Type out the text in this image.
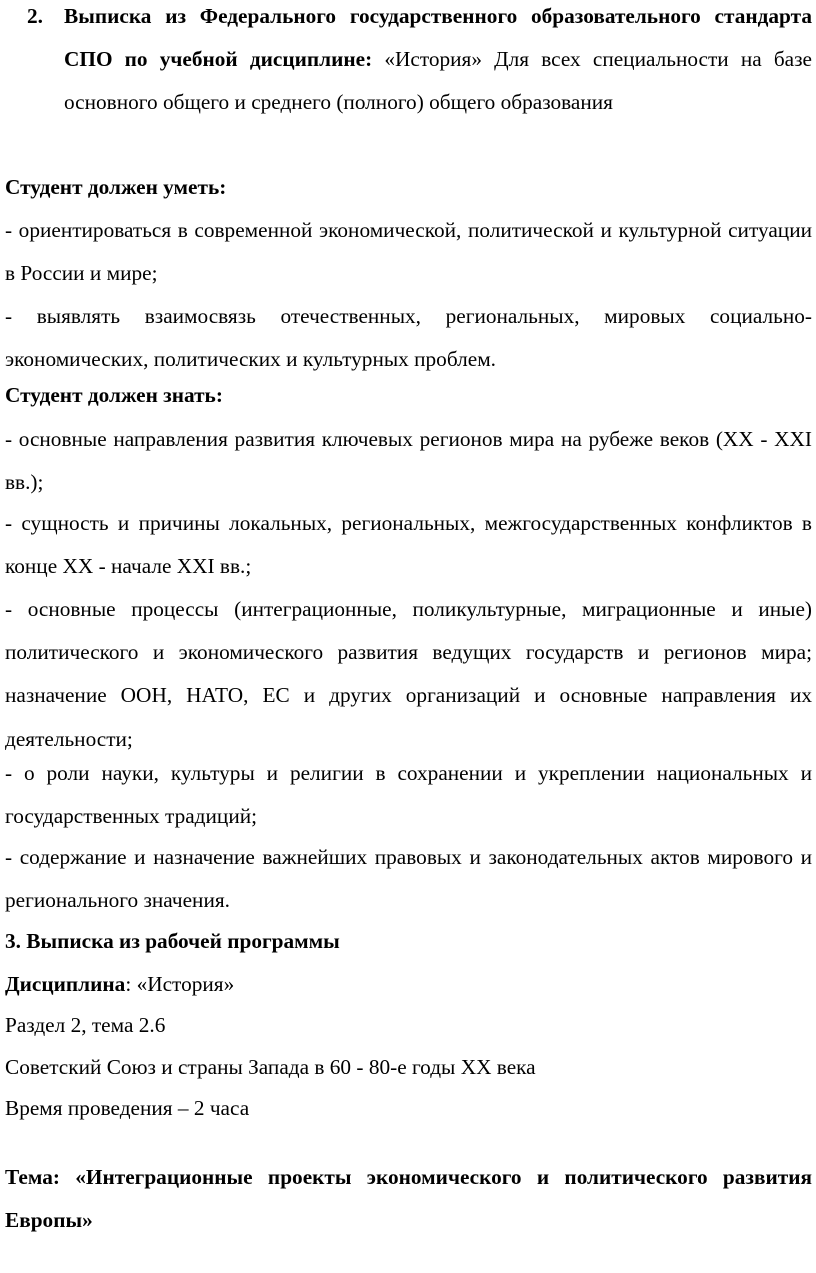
2. Выписка из Федерального государственного образовательного стандарта СПО по учебной дисциплине: «История» Для всех специальности на базе основного общего и среднего (полного) общего образования

Студент должен уметь:

- ориентироваться в современной экономической, политической и культурной ситуации в России и мире;

- выявлять взаимосвязь отечественных, региональных, мировых социально-экономических, политических и культурных проблем.

Студент должен знать:

- основные направления развития ключевых регионов мира на рубеже веков (XX - XXI вв.);

- сущность и причины локальных, региональных, межгосударственных конфликтов в конце XX - начале XXI вв.;

- основные процессы (интеграционные, поликультурные, миграционные и иные) политического и экономического развития ведущих государств и регионов мира; назначение ООН, НАТО, ЕС и других организаций и основные направления их деятельности;

- о роли науки, культуры и религии в сохранении и укреплении национальных и государственных традиций;

- содержание и назначение важнейших правовых и законодательных актов мирового и регионального значения.

3. Выписка из рабочей программы

Дисциплина: «История»

Раздел 2, тема 2.6

Советский Союз и страны Запада в 60 - 80-е годы XX века

Время проведения – 2 часа

Тема: «Интеграционные проекты экономического и политического развития Европы»
